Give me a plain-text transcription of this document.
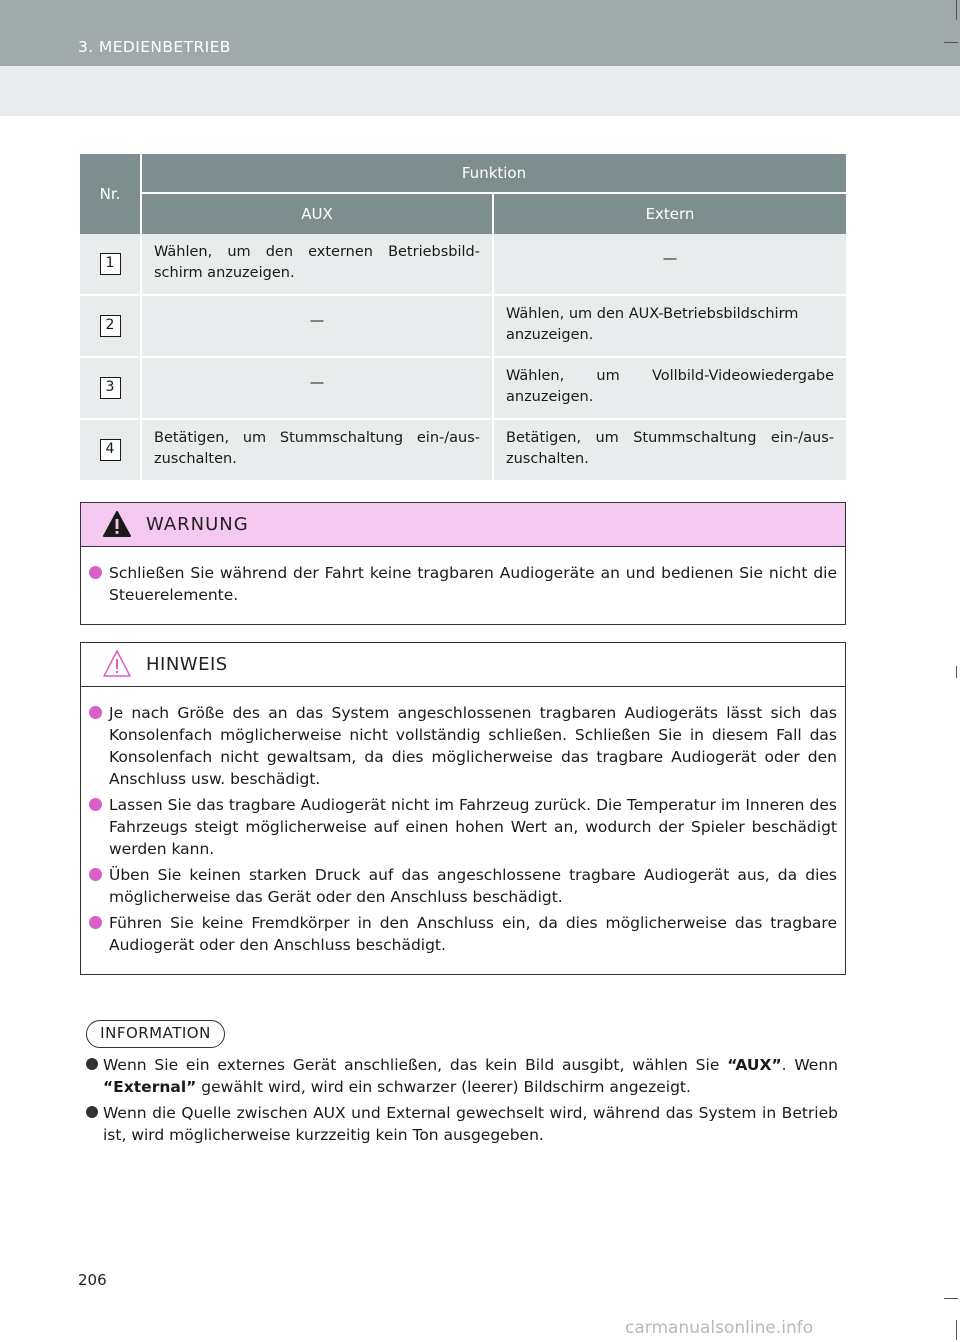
3. MEDIENBETRIEB
Nr.	Funktion	
	AUX	Extern
1	Wählen, um den externen Betriebsbild-schirm anzuzeigen.	—
2	—	Wählen, um den AUX-Betriebsbildschirm anzuzeigen.
3	—	Wählen, um Vollbild-Videowiedergabe anzuzeigen.
4	Betätigen, um Stummschaltung ein-/aus-zuschalten.	Betätigen, um Stummschaltung ein-/aus-zuschalten.
WARNUNG
Schließen Sie während der Fahrt keine tragbaren Audiogeräte an und bedienen Sie nicht die Steuerelemente.
HINWEIS
Je nach Größe des an das System angeschlossenen tragbaren Audiogeräts lässt sich das Konsolenfach möglicherweise nicht vollständig schließen. Schließen Sie in diesem Fall das Konsolenfach nicht gewaltsam, da dies möglicherweise das tragbare Audiogerät oder den Anschluss usw. beschädigt.
Lassen Sie das tragbare Audiogerät nicht im Fahrzeug zurück. Die Temperatur im Inneren des Fahrzeugs steigt möglicherweise auf einen hohen Wert an, wodurch der Spieler beschädigt werden kann.
Üben Sie keinen starken Druck auf das angeschlossene tragbare Audiogerät aus, da dies möglicherweise das Gerät oder den Anschluss beschädigt.
Führen Sie keine Fremdkörper in den Anschluss ein, da dies möglicherweise das tragbare Audiogerät oder den Anschluss beschädigt.
INFORMATION
Wenn Sie ein externes Gerät anschließen, das kein Bild ausgibt, wählen Sie “AUX”. Wenn “External” gewählt wird, wird ein schwarzer (leerer) Bildschirm angezeigt.
Wenn die Quelle zwischen AUX und External gewechselt wird, während das System in Betrieb ist, wird möglicherweise kurzzeitig kein Ton ausgegeben.
206
carmanualsonline.info
